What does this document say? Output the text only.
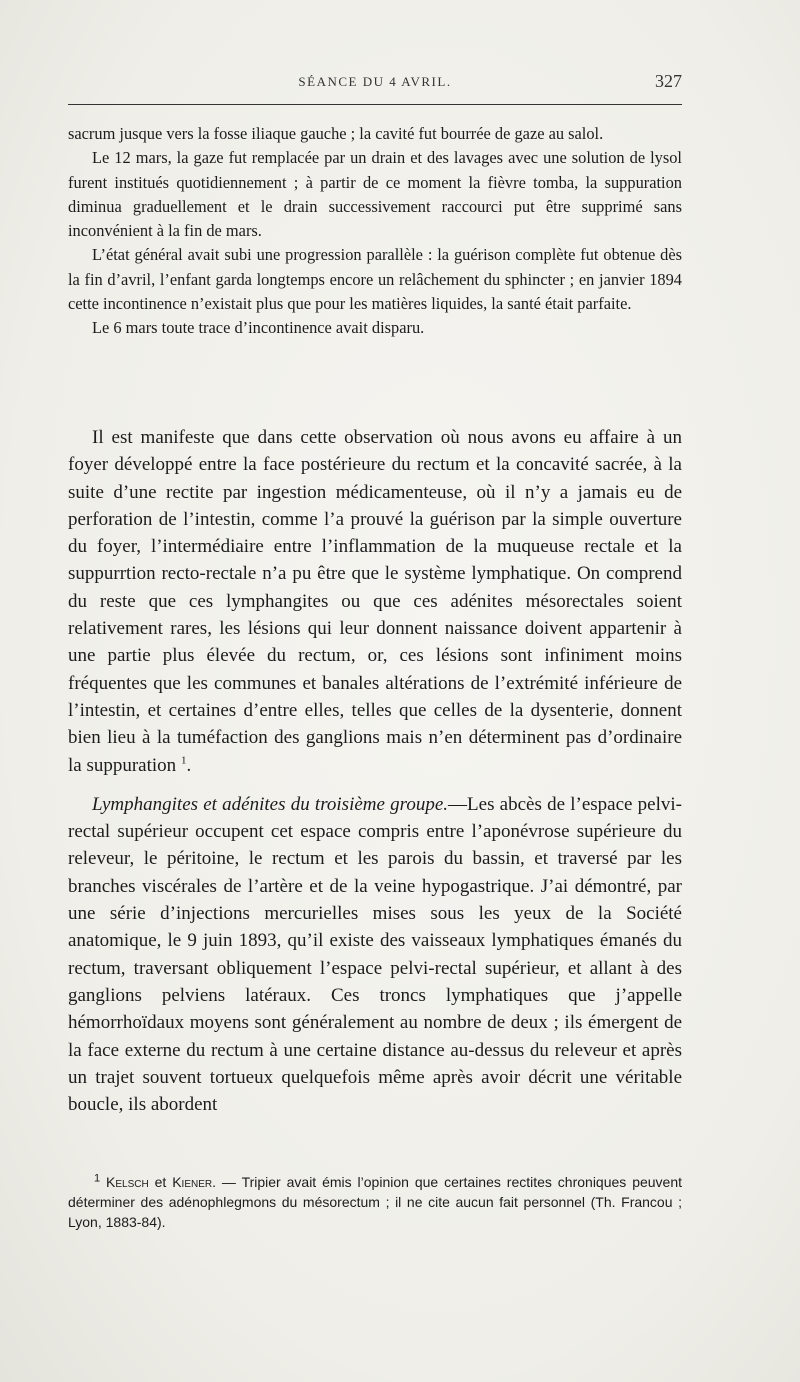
SÉANCE DU 4 AVRIL.	327

sacrum jusque vers la fosse iliaque gauche ; la cavité fut bourrée de gaze au salol.

Le 12 mars, la gaze fut remplacée par un drain et des lavages avec une solution de lysol furent institués quotidiennement ; à partir de ce moment la fièvre tomba, la suppuration diminua graduellement et le drain successivement raccourci put être supprimé sans inconvénient à la fin de mars.

L’état général avait subi une progression parallèle : la guérison complète fut obtenue dès la fin d’avril, l’enfant garda longtemps encore un relâchement du sphincter ; en janvier 1894 cette incontinence n’existait plus que pour les matières liquides, la santé était parfaite.

Le 6 mars toute trace d’incontinence avait disparu.

Il est manifeste que dans cette observation où nous avons eu affaire à un foyer développé entre la face postérieure du rectum et la concavité sacrée, à la suite d’une rectite par ingestion médicamenteuse, où il n’y a jamais eu de perforation de l’intestin, comme l’a prouvé la guérison par la simple ouverture du foyer, l’intermédiaire entre l’inflammation de la muqueuse rectale et la suppurrtion recto-rectale n’a pu être que le système lymphatique. On comprend du reste que ces lymphangites ou que ces adénites mésorectales soient relativement rares, les lésions qui leur donnent naissance doivent appartenir à une partie plus élevée du rectum, or, ces lésions sont infiniment moins fréquentes que les communes et banales altérations de l’extrémité inférieure de l’intestin, et certaines d’entre elles, telles que celles de la dysenterie, donnent bien lieu à la tuméfaction des ganglions mais n’en déterminent pas d’ordinaire la suppuration $^1$.

Lymphangites et adénites du troisième groupe.—Les abcès de l’espace pelvi-rectal supérieur occupent cet espace compris entre l’aponévrose supérieure du releveur, le péritoine, le rectum et les parois du bassin, et traversé par les branches viscérales de l’artère et de la veine hypogastrique. J’ai démontré, par une série d’injections mercurielles mises sous les yeux de la Société anatomique, le 9 juin 1893, qu’il existe des vaisseaux lymphatiques émanés du rectum, traversant obliquement l’espace pelvi-rectal supérieur, et allant à des ganglions pelviens latéraux. Ces troncs lymphatiques que j’appelle hémorrhoïdaux moyens sont généralement au nombre de deux ; ils émergent de la face externe du rectum à une certaine distance au-dessus du releveur et après un trajet souvent tortueux quelquefois même après avoir décrit une véritable boucle, ils abordent

$^1$ Kelsch et Kiener. — Tripier avait émis l’opinion que certaines rectites chroniques peuvent déterminer des adénophlegmons du mésorectum ; il ne cite aucun fait personnel (Th. Francou ; Lyon, 1883-84).
